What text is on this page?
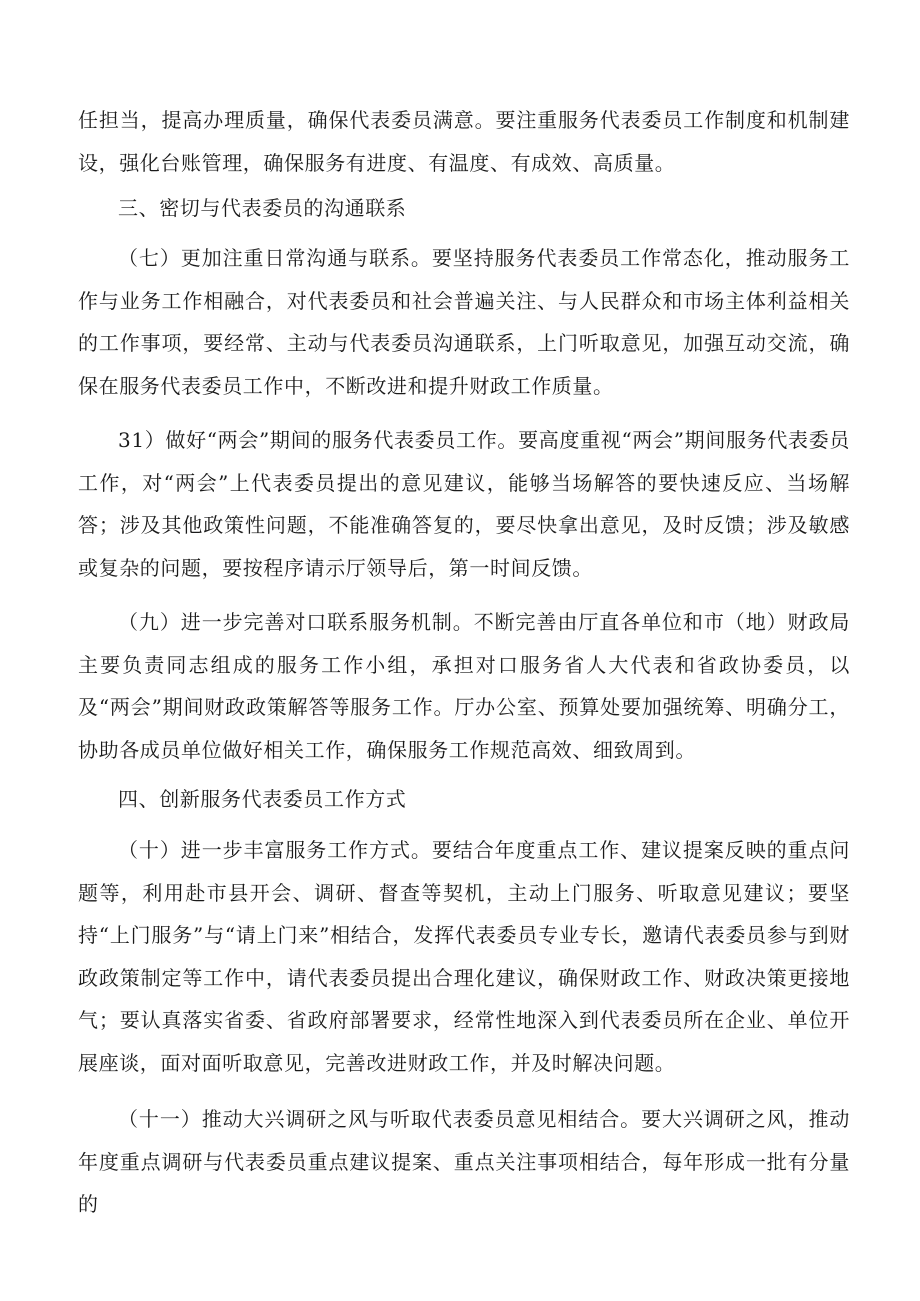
任担当，提高办理质量，确保代表委员满意。要注重服务代表委员工作制度和机制建设，强化台账管理，确保服务有进度、有温度、有成效、高质量。

三、密切与代表委员的沟通联系

（七）更加注重日常沟通与联系。要坚持服务代表委员工作常态化，推动服务工作与业务工作相融合，对代表委员和社会普遍关注、与人民群众和市场主体利益相关的工作事项，要经常、主动与代表委员沟通联系，上门听取意见，加强互动交流，确保在服务代表委员工作中，不断改进和提升财政工作质量。

31）做好“两会”期间的服务代表委员工作。要高度重视“两会”期间服务代表委员工作，对“两会”上代表委员提出的意见建议，能够当场解答的要快速反应、当场解答；涉及其他政策性问题，不能准确答复的，要尽快拿出意见，及时反馈；涉及敏感或复杂的问题，要按程序请示厅领导后，第一时间反馈。

（九）进一步完善对口联系服务机制。不断完善由厅直各单位和市（地）财政局主要负责同志组成的服务工作小组，承担对口服务省人大代表和省政协委员，以及“两会”期间财政政策解答等服务工作。厅办公室、预算处要加强统筹、明确分工，协助各成员单位做好相关工作，确保服务工作规范高效、细致周到。

四、创新服务代表委员工作方式

（十）进一步丰富服务工作方式。要结合年度重点工作、建议提案反映的重点问题等，利用赴市县开会、调研、督查等契机，主动上门服务、听取意见建议；要坚持“上门服务”与“请上门来”相结合，发挥代表委员专业专长，邀请代表委员参与到财政政策制定等工作中，请代表委员提出合理化建议，确保财政工作、财政决策更接地气；要认真落实省委、省政府部署要求，经常性地深入到代表委员所在企业、单位开展座谈，面对面听取意见，完善改进财政工作，并及时解决问题。

（十一）推动大兴调研之风与听取代表委员意见相结合。要大兴调研之风，推动年度重点调研与代表委员重点建议提案、重点关注事项相结合，每年形成一批有分量的
